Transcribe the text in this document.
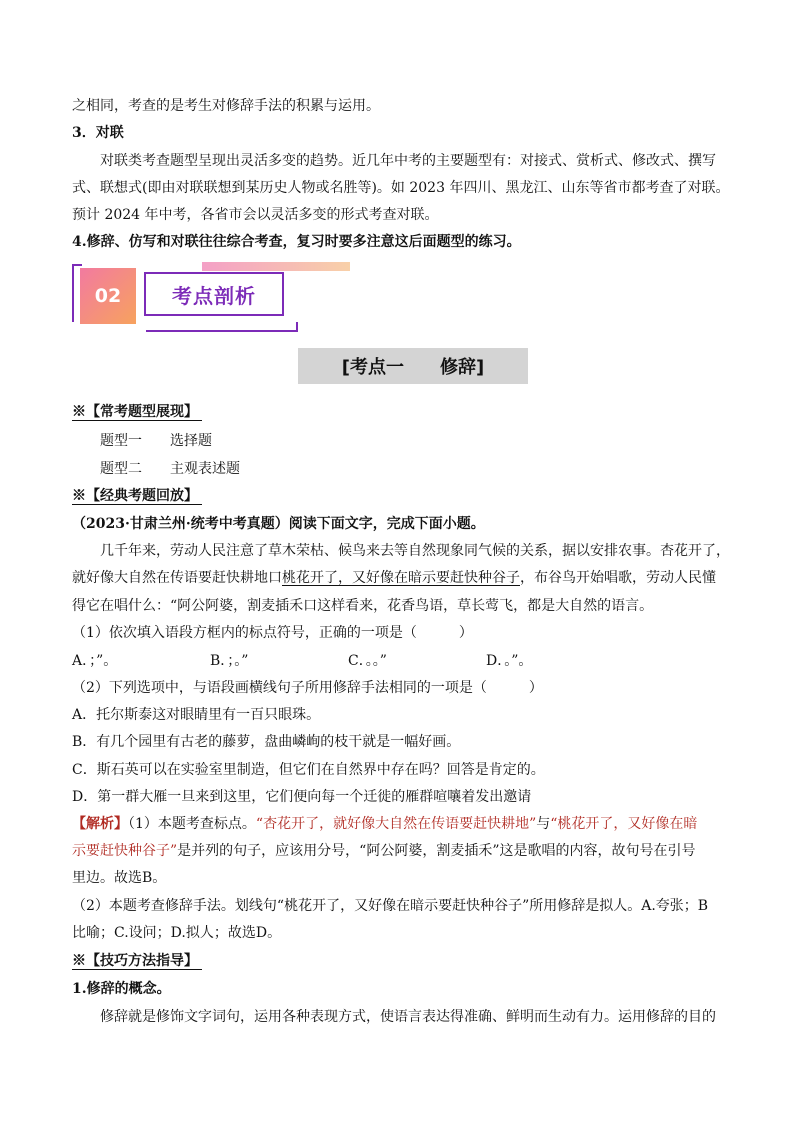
之相同，考查的是考生对修辞手法的积累与运用。
3．对联
对联类考查题型呈现出灵活多变的趋势。近几年中考的主要题型有：对接式、赏析式、修改式、撰写
式、联想式(即由对联联想到某历史人物或名胜等)。如 2023 年四川、黑龙江、山东等省市都考查了对联。
预计 2024 年中考，各省市会以灵活多变的形式考查对联。
4.修辞、仿写和对联往往综合考查，复习时要多注意这后面题型的练习。
02	考点剖析
[考点一　　修辞]
※【常考题型展现】
题型一　　选择题
题型二　　主观表述题
※【经典考题回放】
（2023·甘肃兰州·统考中考真题）阅读下面文字，完成下面小题。
几千年来，劳动人民注意了草木荣枯、候鸟来去等自然现象同气候的关系，据以安排农事。杏花开了，
就好像大自然在传语要赶快耕地口桃花开了，又好像在暗示要赶快种谷子，布谷鸟开始唱歌，劳动人民懂
得它在唱什么：“阿公阿婆，割麦插禾口这样看来，花香鸟语，草长莺飞，都是大自然的语言。
（1）依次填入语段方框内的标点符号，正确的一项是（　　　）
A．；”。	B．；。”	C．。。”	D．。”。
（2）下列选项中，与语段画横线句子所用修辞手法相同的一项是（　　　）
A．托尔斯泰这对眼睛里有一百只眼珠。
B．有几个园里有古老的藤萝，盘曲嶙峋的枝干就是一幅好画。
C．斯石英可以在实验室里制造，但它们在自然界中存在吗？回答是肯定的。
D．第一群大雁一旦来到这里，它们便向每一个迁徙的雁群喧嚷着发出邀请
【解析】（1）本题考查标点。“杏花开了，就好像大自然在传语要赶快耕地”与“桃花开了，又好像在暗
示要赶快种谷子”是并列的句子，应该用分号，“阿公阿婆，割麦插禾”这是歌唱的内容，故句号在引号
里边。故选B。
（2）本题考查修辞手法。划线句“桃花开了，又好像在暗示要赶快种谷子”所用修辞是拟人。A.夸张；B
比喻；C.设问；D.拟人；故选D。
※【技巧方法指导】
1.修辞的概念。
修辞就是修饰文字词句，运用各种表现方式，使语言表达得准确、鲜明而生动有力。运用修辞的目的
